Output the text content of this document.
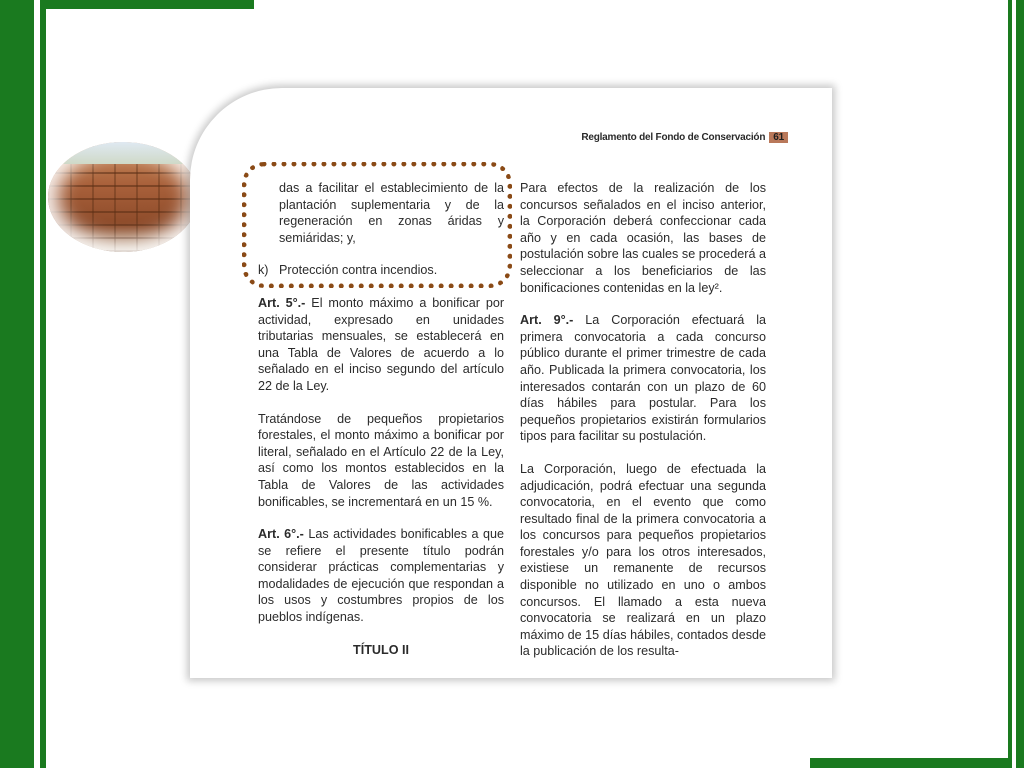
Reglamento del Fondo de Conservación 61

das a facilitar el establecimiento de la plantación suplementaria y de la regeneración en zonas áridas y semiáridas; y,

k) Protección contra incendios.

Art. 5°.- El monto máximo a bonificar por actividad, expresado en unidades tributarias mensuales, se establecerá en una Tabla de Valores de acuerdo a lo señalado en el inciso segundo del artículo 22 de la Ley.

Tratándose de pequeños propietarios forestales, el monto máximo a bonificar por literal, señalado en el Artículo 22 de la Ley, así como los montos establecidos en la Tabla de Valores de las actividades bonificables, se incrementará en un 15 %.

Art. 6°.- Las actividades bonificables a que se refiere el presente título podrán considerar prácticas complementarias y modalidades de ejecución que respondan a los usos y costumbres propios de los pueblos indígenas.

TÍTULO II

Para efectos de la realización de los concursos señalados en el inciso anterior, la Corporación deberá confeccionar cada año y en cada ocasión, las bases de postulación sobre las cuales se procederá a seleccionar a los beneficiarios de las bonificaciones contenidas en la ley².

Art. 9°.- La Corporación efectuará la primera convocatoria a cada concurso público durante el primer trimestre de cada año. Publicada la primera convocatoria, los interesados contarán con un plazo de 60 días hábiles para postular. Para los pequeños propietarios existirán formularios tipos para facilitar su postulación.

La Corporación, luego de efectuada la adjudicación, podrá efectuar una segunda convocatoria, en el evento que como resultado final de la primera convocatoria a los concursos para pequeños propietarios forestales y/o para los otros interesados, existiese un remanente de recursos disponible no utilizado en uno o ambos concursos. El llamado a esta nueva convocatoria se realizará en un plazo máximo de 15 días hábiles, contados desde la publicación de los resulta-
